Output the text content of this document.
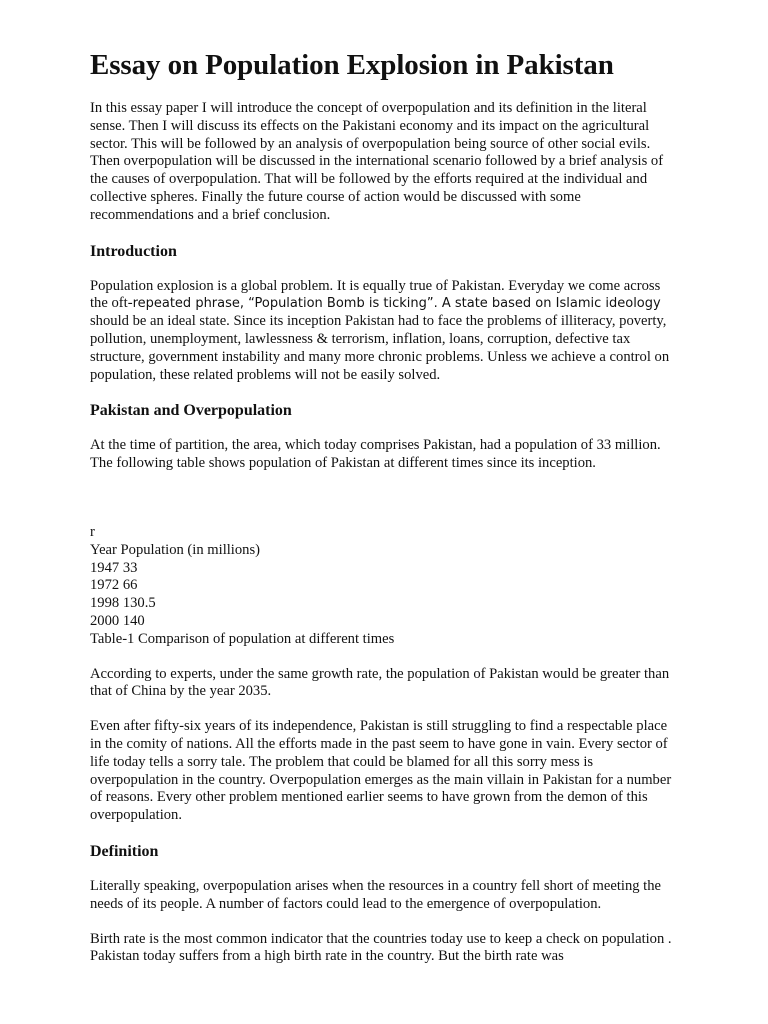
Essay on Population Explosion in Pakistan

In this essay paper I will introduce the concept of overpopulation and its definition in the literal sense. Then I will discuss its effects on the Pakistani economy and its impact on the agricultural sector. This will be followed by an analysis of overpopulation being source of other social evils. Then overpopulation will be discussed in the international scenario followed by a brief analysis of the causes of overpopulation. That will be followed by the efforts required at the individual and collective spheres. Finally the future course of action would be discussed with some recommendations and a brief conclusion.

Introduction

Population explosion is a global problem. It is equally true of Pakistan. Everyday we come across the oft-repeated phrase, “Population Bomb is ticking”. A state based on Islamic ideology should be an ideal state. Since its inception Pakistan had to face the problems of illiteracy, poverty, pollution, unemployment, lawlessness & terrorism, inflation, loans, corruption, defective tax structure, government instability and many more chronic problems. Unless we achieve a control on population, these related problems will not be easily solved.

Pakistan and Overpopulation

At the time of partition, the area, which today comprises Pakistan, had a population of 33 million. The following table shows population of Pakistan at different times since its inception.

r

Year Population (in millions)

1947 33

1972 66

1998 130.5

2000 140

Table-1 Comparison of population at different times

According to experts, under the same growth rate, the population of Pakistan would be greater than that of China by the year 2035.

Even after fifty-six years of its independence, Pakistan is still struggling to find a respectable place in the comity of nations. All the efforts made in the past seem to have gone in vain. Every sector of life today tells a sorry tale. The problem that could be blamed for all this sorry mess is overpopulation in the country. Overpopulation emerges as the main villain in Pakistan for a number of reasons. Every other problem mentioned earlier seems to have grown from the demon of this overpopulation.

Definition

Literally speaking, overpopulation arises when the resources in a country fell short of meeting the needs of its people. A number of factors could lead to the emergence of overpopulation.

Birth rate is the most common indicator that the countries today use to keep a check on population . Pakistan today suffers from a high birth rate in the country. But the birth rate was
